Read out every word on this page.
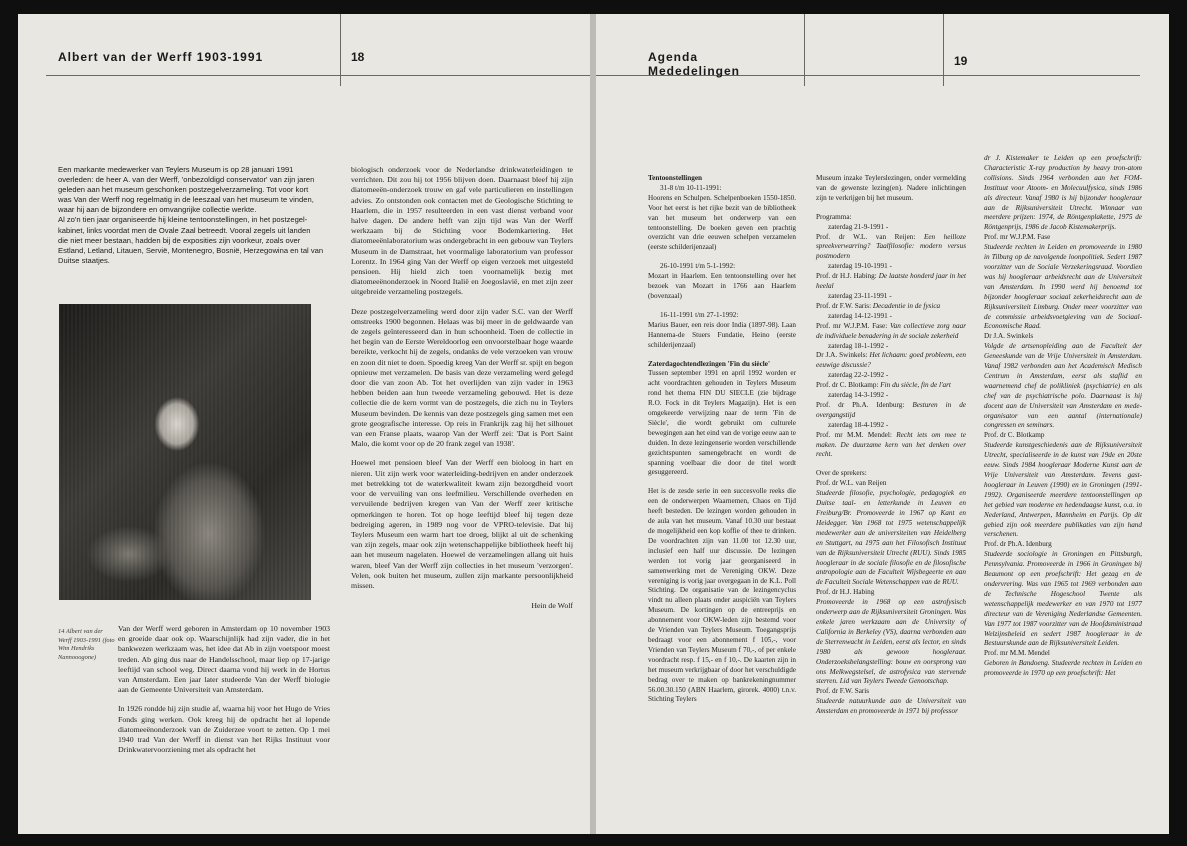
Albert van der Werff 1903-1991	18
Een markante medewerker van Teylers Museum is op 28 januari 1991
overleden: de heer A. van der Werff, 'onbezoldigd conservator' van zijn jaren
geleden aan het museum geschonken postzegelverzameling. Tot voor kort
was Van der Werff nog regelmatig in de leeszaal van het museum te vinden,
waar hij aan de bijzondere en omvangrijke collectie werkte.
Al zo'n tien jaar organiseerde hij kleine tentoonstellingen, in het postzegel-
kabinet, links voordat men de Ovale Zaal betreedt. Vooral zegels uit landen
die niet meer bestaan, hadden bij de exposities zijn voorkeur, zoals over
Estland, Letland, Litauen, Servië, Montenegro, Bosnië, Herzegowina en tal van
Duitse staatjes.
14 Albert van der
Werff 1903-1991 (foto
Wim Hendriks
Nannooogone)

Van der Werff werd geboren in Amsterdam op 10 november 1903 en groeide daar ook op. Waarschijnlijk had zijn vader, die in het bankwezen werkzaam was, het idee dat Ab in zijn voetspoor moest treden. Ab ging dus naar de Handelsschool, maar liep op 17-jarige leeftijd van school weg. Direct daarna vond hij werk in de Hortus van Amsterdam. Een jaar later studeerde Van der Werff biologie aan de Gemeente Universiteit van Amsterdam.

In 1926 rondde hij zijn studie af, waarna hij voor het Hugo de Vries Fonds ging werken. Ook kreeg hij de opdracht het al lopende diatomeeënonderzoek van de Zuiderzee voort te zetten. Op 1 mei 1940 trad Van der Werff in dienst van het Rijks Instituut voor Drinkwatervoorziening met als opdracht het

biologisch onderzoek voor de Nederlandse drinkwaterleidingen te verrichten. Dit zou hij tot 1956 blijven doen. Daarnaast bleef hij zijn diatomeeën-onderzoek trouw en gaf vele particulieren en instellingen advies. Zo ontstonden ook contacten met de Geologische Stichting te Haarlem, die in 1957 resulteerden in een vast dienst verband voor halve dagen. De andere helft van zijn tijd was Van der Werff werkzaam bij de Stichting voor Bodemkartering. Het diatomeeënlaboratorium was ondergebracht in een gebouw van Teylers Museum in de Damstraat, het voormalige laboratorium van professor Lorentz. In 1964 ging Van der Werff op eigen verzoek met uitgesteld pensioen. Hij hield zich toen voornamelijk bezig met diatomeeënonderzoek in Noord Italië en Joegoslavië, en met zijn zeer uitgebreide verzameling postzegels.

Deze postzegelverzameling werd door zijn vader S.C. van der Werff omstreeks 1900 begonnen. Helaas was bij meer in de geldwaarde van de zegels geïnteresseerd dan in hun schoonheid. Toen de collectie in het begin van de Eerste Wereldoorlog een onvoorstelbaar hoge waarde bereikte, verkocht hij de zegels, ondanks de vele verzoeken van vrouw en zoon dit niet te doen. Spoedig kreeg Van der Werff sr. spijt en begon opnieuw met verzamelen. De basis van deze verzameling werd gelegd door die van zoon Ab. Tot het overlijden van zijn vader in 1963 hebben beiden aan hun tweede verzameling gebouwd. Het is deze collectie die de kern vormt van de postzegels, die zich nu in Teylers Museum bevinden. De kennis van deze postzegels ging samen met een grote geografische interesse. Op reis in Frankrijk zag hij het silhouet van een Franse plaats, waarop Van der Werff zei: 'Dat is Port Saint Malo, die komt voor op de 20 frank zegel van 1938'.

Hoewel met pensioen bleef Van der Werff een bioloog in hart en nieren. Uit zijn werk voor waterleiding-bedrijven en ander onderzoek met betrekking tot de waterkwaliteit kwam zijn bezorgdheid voort voor de vervuiling van ons leefmilieu. Verschillende overheden en vervuilende bedrijven kregen van Van der Werff zeer kritische opmerkingen te horen. Tot op hoge leeftijd bleef hij tegen deze bedreiging ageren, in 1989 nog voor de VPRO-televisie. Dat hij Teylers Museum een warm hart toe droeg, blijkt al uit de schenking van zijn zegels, maar ook zijn wetenschappelijke bibliotheek heeft hij aan het museum nagelaten. Hoewel de verzamelingen allang uit huis waren, bleef Van der Werff zijn collecties in het museum 'verzorgen'. Velen, ook buiten het museum, zullen zijn markante persoonlijkheid missen.

Hein de Wolf
Agenda
Mededelingen
19
Tentoonstellingen
31-8 t/m 10-11-1991:

Hoorens en Schulpen. Schelpenboeken 1550-1850. Voor het eerst is het rijke bezit van de bibliotheek van het museum het onderwerp van een tentoonstelling. De boeken geven een prachtig overzicht van drie eeuwen schelpen verzamelen (eerste schilderijenzaal)

26-10-1991 t/m 5-1-1992:

Mozart in Haarlem. Een tentoonstelling over het bezoek van Mozart in 1766 aan Haarlem (bovenzaal)

16-11-1991 t/m 27-1-1992:

Marius Bauer, een reis door India (1897-98). Laan Hannema-de Stuers Fundatie, Heino (eerste schilderijenzaal)

Zaterdagochtendlezingen 'Fin du siècle'

Tussen september 1991 en april 1992 worden er acht voordrachten gehouden in Teylers Museum rond het thema FIN DU SIECLE (zie bijdrage R.O. Fock in dit Teylers Magazijn). Het is een omgekeerde verwijzing naar de term 'Fin de Siècle', die wordt gebruikt om culturele bewegingen aan het eind van de vorige eeuw aan te duiden. In deze lezingenserie worden verschillende gezichtspunten samengebracht en wordt de spanning voelbaar die door de titel wordt gesuggereerd.

Het is de zesde serie in een succesvolle reeks die een de onderwerpen Waarnemen, Chaos en Tijd heeft besteden. De lezingen worden gehouden in de aula van het museum. Vanaf 10.30 uur bestaat de mogelijkheid een kop koffie of thee te drinken. De voordrachten zijn van 11.00 tot 12.30 uur, inclusief een half uur discussie. De lezingen werden tot vorig jaar georganiseerd in samenwerking met de Vereniging OKW. Deze vereniging is vorig jaar overgegaan in de K.L. Poll Stichting. De organisatie van de lezingencyclus vindt nu alleen plaats onder auspiciën van Teylers Museum. De kortingen op de entreeprijs en abonnement voor OKW-leden zijn bestemd voor de Vrienden van Teylers Museum. Toegangsprijs bedraagt voor een abonnement f 105,-, voor Vrienden van Teylers Museum f 70,-, of per enkele voordracht resp. f 15,- en f 10,-. De kaarten zijn in het museum verkrijgbaar of door het verschuldigde bedrag over te maken op bankrekeningnummer 56.00.30.150 (ABN Haarlem, girorek. 4000) t.n.v. Stichting Teylers

Museum inzake Teylerslezingen, onder vermelding van de gewenste lezing(en). Nadere inlichtingen zijn te verkrijgen bij het museum.

Programma:
zaterdag 21-9-1991 -
Prof. dr W.L. van Reijen: Een heilloze spreekverwarring? Taalfilosofie: modern versus postmodern
zaterdag 19-10-1991 -
Prof. dr H.J. Habing: De laatste honderd jaar in het heelal
zaterdag 23-11-1991 -
Prof. dr F.W. Saris: Decadentie in de fysica
zaterdag 14-12-1991 -
Prof. mr W.J.P.M. Fase: Van collectieve zorg naar de individuele benadering in de sociale zekerheid
zaterdag 18-1-1992 -
Dr J.A. Swinkels: Het lichaam: goed probleem, een eeuwige discussie?
zaterdag 22-2-1992 -
Prof. dr C. Blotkamp: Fin du siècle, fin de l'art
zaterdag 14-3-1992 -
Prof. dr Ph.A. Idenburg: Besturen in de overgangstijd
zaterdag 18-4-1992 -
Prof. mr M.M. Mendel: Recht iets om mee te maken. De duurzame kern van het denken over recht.
Over de sprekers:
Prof. dr W.L. van Reijen
Studeerde filosofie, psychologie, pedagogiek en Duitse taal- en letterkunde in Leuven en Freiburg/Br. Promoveerde in 1967 op Kant en Heidegger. Van 1968 tot 1975 wetenschappelijk medewerker aan de universiteiten van Heidelberg en Stuttgart, na 1975 aan het Filosofisch Instituut van de Rijksuniversiteit Utrecht (RUU). Sinds 1985 hoogleraar in de sociale filosofie en de filosofische antropologie aan de Faculteit Wijsbegeerte en aan de Faculteit Sociale Wetenschappen van de RUU.
Prof. dr H.J. Habing
Promoveerde in 1968 op een astrofysisch onderwerp aan de Rijksuniversiteit Groningen. Was enkele jaren werkzaam aan de University of California in Berkeley (VS), daarna verbonden aan de Sterrenwacht in Leiden, eerst als lector, en sinds 1980 als gewoon hoogleraar. Onderzoeksbelangstelling: bouw en oorsprong van ons Melkwegstelsel, de astrofysica van stervende sterren. Lid van Teylers Tweede Genootschap.
Prof. dr F.W. Saris
Studeerde natuurkunde aan de Universiteit van Amsterdam en promoveerde in 1971 bij professor
dr J. Kistemaker te Leiden op een proefschrift: Characteristic X-ray production by heavy tron-atom collisions. Sinds 1964 verbonden aan het FOM-Instituut voor Atoom- en Molecuulfysica, sinds 1986 als directeur. Vanaf 1980 is hij bijzonder hoogleraar aan de Rijksuniversiteit Utrecht. Winnaar van meerdere prijzen: 1974, de Röntgenplakette, 1975 de Röntgenprijs, 1986 de Jacob Kistemakerprijs.
Prof. mr W.J.P.M. Fase
Studeerde rechten in Leiden en promoveerde in 1980 in Tilburg op de navolgende loonpolitiek. Sedert 1987 voorzitter van de Sociale Verzekeringsraad. Voordien was hij hoogleraar arbeidsrecht aan de Universiteit van Amsterdam. In 1990 werd hij benoemd tot bijzonder hoogleraar sociaal zekerheidsrecht aan de Rijksuniversiteit Limburg. Onder meer voorzitter van de commissie arbeidsvoetgieving van de Sociaal-Economische Raad.
Dr J.A. Swinkels
Volgde de artsenopleiding aan de Faculteit der Geneeskunde van de Vrije Universiteit in Amsterdam. Vanaf 1982 verbonden aan het Academisch Medisch Centrum in Amsterdam, eerst als staflid en waarnemend chef de polikliniek (psychiatrie) en als chef van de psychiatrische polo. Daarnaast is hij docent aan de Universiteit van Amsterdam en mede-organisator van een aantal (internationale) congressen en seminars.
Prof. dr C. Blotkamp
Studeerde kunstgeschiedenis aan de Rijksuniversiteit Utrecht, specialiseerde in de kunst van 19de en 20ste eeuw. Sinds 1984 hoogleraar Moderne Kunst aan de Vrije Universiteit van Amsterdam. Tevens gast-hoogleraar in Leuven (1990) en in Groningen (1991-1992). Organiseerde meerdere tentoonstellingen op het gebied van moderne en hedendaagse kunst, o.a. in Nederland, Antwerpen, Mannheim en Parijs. Op dit gebied zijn ook meerdere publikaties van zijn hand verschenen.
Prof. dr Ph.A. Idenburg
Studeerde sociologie in Groningen en Pittsburgh, Pennsylvania. Promoveerde in 1966 in Groningen bij Beaumont op een proefschrift: Het gezag en de ondervrering. Was van 1965 tot 1969 verbonden aan de Technische Hogeschool Twente als wetenschappelijk medewerker en van 1970 tot 1977 directeur van de Vereniging Nederlandse Gemeenten. Van 1977 tot 1987 voorzitter van de Hoofdsministraad Welzijnsbeleid en sedert 1987 hoogleraar in de Bestuurskunde aan de Rijksuniversiteit Leiden.
Prof. mr M.M. Mendel
Geboren in Bandoeng. Studeerde rechten in Leiden en promoveerde in 1970 op een proefschrift: Het
